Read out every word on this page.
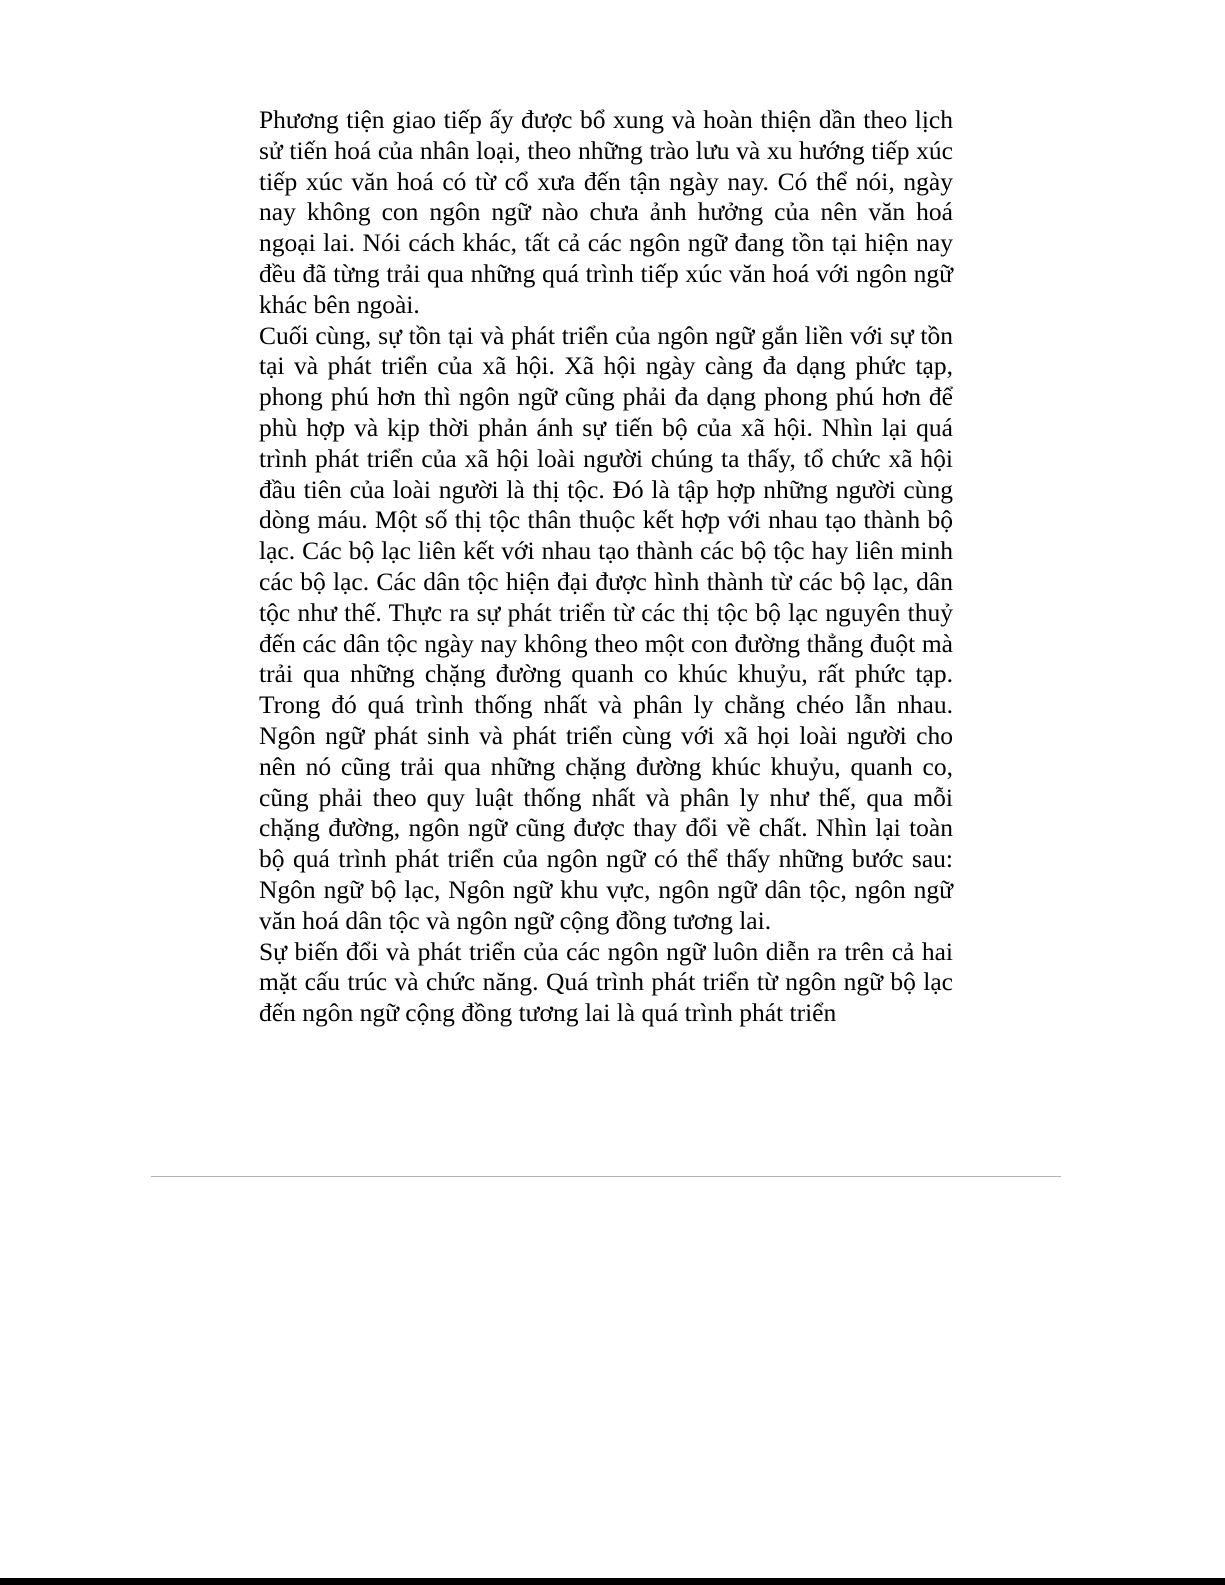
Phương tiện giao tiếp ấy được bổ xung và hoàn thiện dần theo lịch sử tiến hoá của nhân loại, theo những trào lưu và xu hướng tiếp xúc tiếp xúc văn hoá có từ cổ xưa đến tận ngày nay. Có thể nói, ngày nay không con ngôn ngữ nào chưa ảnh hưởng của nên văn hoá ngoại lai. Nói cách khác, tất cả các ngôn ngữ đang tồn tại hiện nay đều đã từng trải qua những quá trình tiếp xúc văn hoá với ngôn ngữ khác bên ngoài.

Cuối cùng, sự tồn tại và phát triển của ngôn ngữ gắn liền với sự tồn tại và phát triển của xã hội. Xã hội ngày càng đa dạng phức tạp, phong phú hơn thì ngôn ngữ cũng phải đa dạng phong phú hơn để phù hợp và kịp thời phản ánh sự tiến bộ của xã hội. Nhìn lại quá trình phát triển của xã hội loài người chúng ta thấy, tổ chức xã hội đầu tiên của loài người là thị tộc. Đó là tập hợp những người cùng dòng máu. Một số thị tộc thân thuộc kết hợp với nhau tạo thành bộ lạc. Các bộ lạc liên kết với nhau tạo thành các bộ tộc hay liên minh các bộ lạc. Các dân tộc hiện đại được hình thành từ các bộ lạc, dân tộc như thế. Thực ra sự phát triển từ các thị tộc bộ lạc nguyên thuỷ đến các dân tộc ngày nay không theo một con đường thẳng đuột mà trải qua những chặng đường quanh co khúc khuỷu, rất phức tạp. Trong đó quá trình thống nhất và phân ly chằng chéo lẫn nhau. Ngôn ngữ phát sinh và phát triển cùng với xã họi loài người cho nên nó cũng trải qua những chặng đường khúc khuỷu, quanh co, cũng phải theo quy luật thống nhất và phân ly như thế, qua mỗi chặng đường, ngôn ngữ cũng được thay đổi về chất. Nhìn lại toàn bộ quá trình phát triển của ngôn ngữ có thể thấy những bước sau: Ngôn ngữ bộ lạc, Ngôn ngữ khu vực, ngôn ngữ dân tộc, ngôn ngữ văn hoá dân tộc và ngôn ngữ cộng đồng tương lai.

Sự biến đổi và phát triển của các ngôn ngữ luôn diễn ra trên cả hai mặt cấu trúc và chức năng. Quá trình phát triển từ ngôn ngữ bộ lạc đến ngôn ngữ cộng đồng tương lai là quá trình phát triển
